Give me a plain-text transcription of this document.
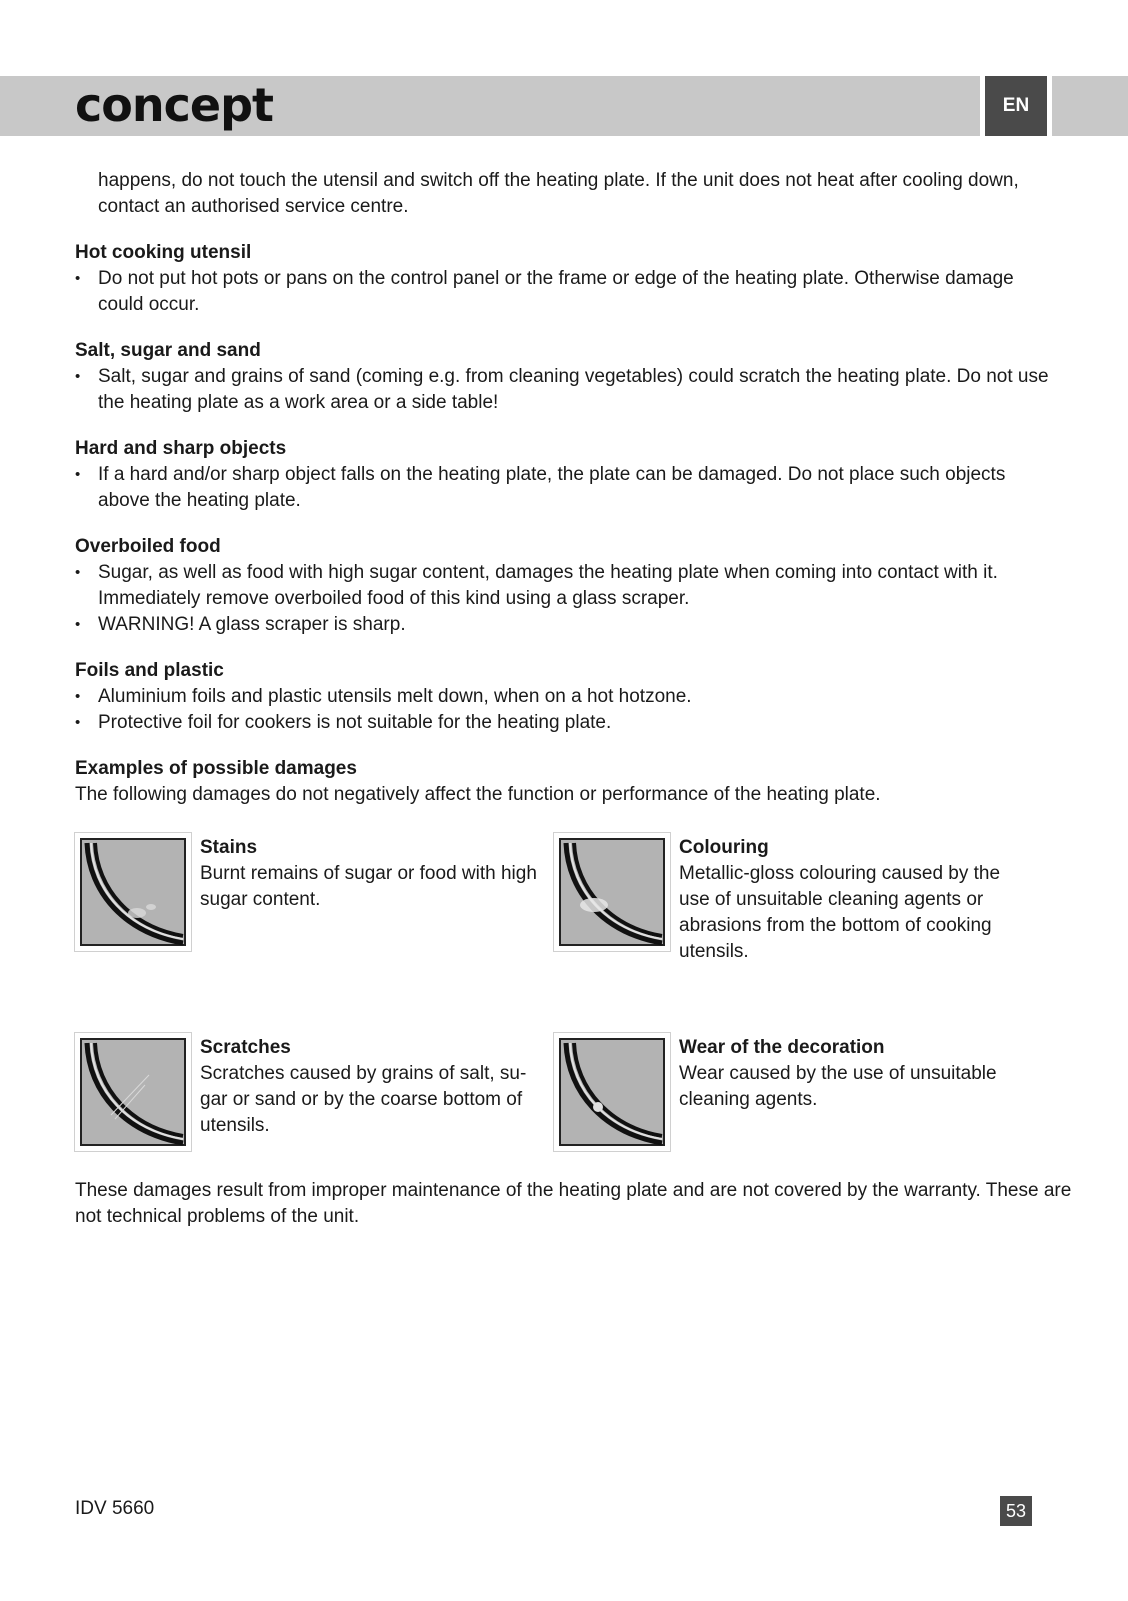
concept	EN

happens, do not touch the utensil and switch off the heating plate. If the unit does not heat after cooling down, contact an authorised service centre.

Hot cooking utensil
• Do not put hot pots or pans on the control panel or the frame or edge of the heating plate. Otherwise damage could occur.
Salt, sugar and sand
• Salt, sugar and grains of sand (coming e.g. from cleaning vegetables) could scratch the heating plate. Do not use the heating plate as a work area or a side table!
Hard and sharp objects
• If a hard and/or sharp object falls on the heating plate, the plate can be damaged. Do not place such objects above the heating plate.
Overboiled food
• Sugar, as well as food with high sugar content, damages the heating plate when coming into contact with it. Immediately remove overboiled food of this kind using a glass scraper.
• WARNING! A glass scraper is sharp.
Foils and plastic
• Aluminium foils and plastic utensils melt down, when on a hot hotzone.
• Protective foil for cookers is not suitable for the heating plate.
Examples of possible damages

The following damages do not negatively affect the function or performance of the heating plate.

Stains
Burnt remains of sugar or food with high sugar content.
Colouring
Metallic-gloss colouring caused by the use of unsuitable cleaning agents or abrasions from the bottom of cooking utensils.
Scratches
Scratches caused by grains of salt, su-gar or sand or by the coarse bottom of utensils.
Wear of the decoration
Wear caused by the use of unsuitable cleaning agents.

These damages result from improper maintenance of the heating plate and are not covered by the warranty. These are not technical problems of the unit.

IDV 5660	53
